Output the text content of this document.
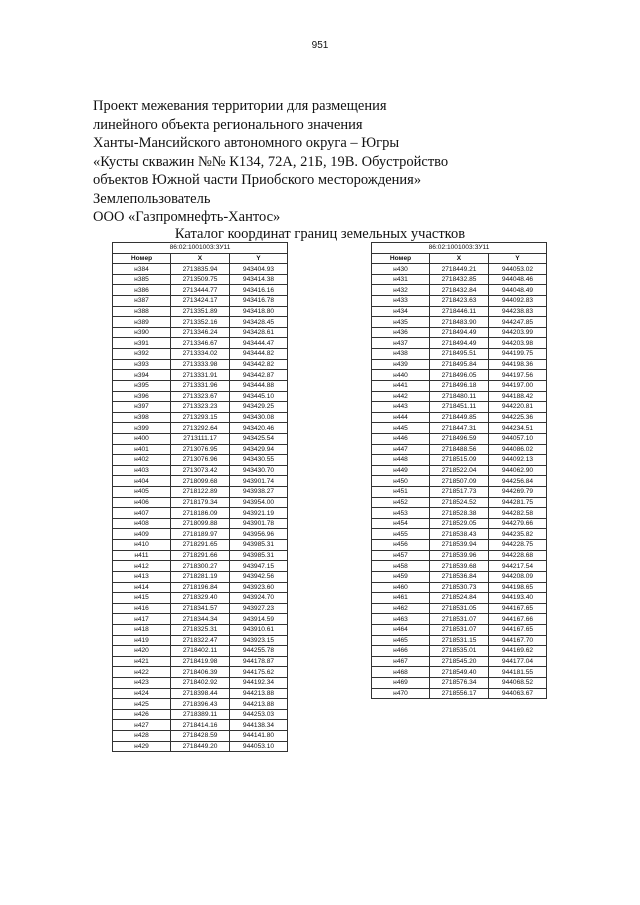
951
Проект межевания территории для размещения
линейного объекта регионального значения
Ханты-Мансийского автономного округа – Югры
«Кусты скважин №№ К134, 72А, 21Б, 19В. Обустройство
объектов Южной части Приобского месторождения»
Землепользователь
ООО «Газпромнефть-Хантос»
Каталог координат границ земельных участков
86:02:1001003:ЗУ11		
Номер	X	Y
н384	2713835.94	943404.93
н385	2713509.75	943414.38
н386	2713444.77	943416.16
н387	2713424.17	943416.78
н388	2713351.89	943418.80
н389	2713352.16	943428.45
н390	2713346.24	943428.61
н391	2713346.67	943444.47
н392	2713334.02	943444.82
н393	2713333.98	943442.82
н394	2713331.91	943442.87
н395	2713331.96	943444.88
н396	2713323.67	943445.10
н397	2713323.23	943429.25
н398	2713293.15	943430.08
н399	2713292.64	943420.46
н400	2713111.17	943425.54
н401	2713076.95	943429.94
н402	2713076.96	943430.55
н403	2713073.42	943430.70
н404	2718099.68	943901.74
н405	2718122.89	943938.27
н406	2718179.34	943954.00
н407	2718186.09	943921.19
н408	2718099.88	943901.78
н409	2718189.97	943956.96
н410	2718291.65	943985.31
н411	2718291.66	943985.31
н412	2718300.27	943947.15
н413	2718281.19	943942.56
н414	2718196.84	943923.60
н415	2718329.40	943924.70
н416	2718341.57	943927.23
н417	2718344.34	943914.59
н418	2718325.31	943910.61
н419	2718322.47	943923.15
н420	2718402.11	944255.78
н421	2718419.98	944178.87
н422	2718406.39	944175.62
н423	2718402.92	944192.34
н424	2718398.44	944213.88
н425	2718396.43	944213.88
н426	2718389.11	944253.03
н427	2718414.16	944138.34
н428	2718428.59	944141.80
н429	2718449.20	944053.10
86:02:1001003:ЗУ11		
Номер	X	Y
н430	2718449.21	944053.02
н431	2718432.85	944048.46
н432	2718432.84	944048.49
н433	2718423.63	944092.83
н434	2718446.11	944238.83
н435	2718483.90	944247.85
н436	2718494.49	944203.99
н437	2718494.49	944203.98
н438	2718495.51	944199.75
н439	2718495.84	944198.36
н440	2718496.05	944197.56
н441	2718496.18	944197.00
н442	2718480.11	944188.42
н443	2718451.11	944220.81
н444	2718449.85	944225.36
н445	2718447.31	944234.51
н446	2718496.59	944057.10
н447	2718488.56	944086.02
н448	2718515.09	944092.13
н449	2718522.04	944062.90
н450	2718507.09	944256.84
н451	2718517.73	944269.79
н452	2718524.52	944281.75
н453	2718528.38	944282.58
н454	2718529.05	944279.66
н455	2718538.43	944235.82
н456	2718539.94	944228.75
н457	2718539.96	944228.68
н458	2718539.68	944217.54
н459	2718536.84	944208.09
н460	2718530.73	944198.65
н461	2718524.84	944193.40
н462	2718531.05	944167.65
н463	2718531.07	944167.66
н464	2718531.07	944167.65
н465	2718531.15	944167.70
н466	2718535.01	944169.62
н467	2718545.20	944177.04
н468	2718549.40	944181.55
н469	2718576.34	944068.52
н470	2718556.17	944063.67
